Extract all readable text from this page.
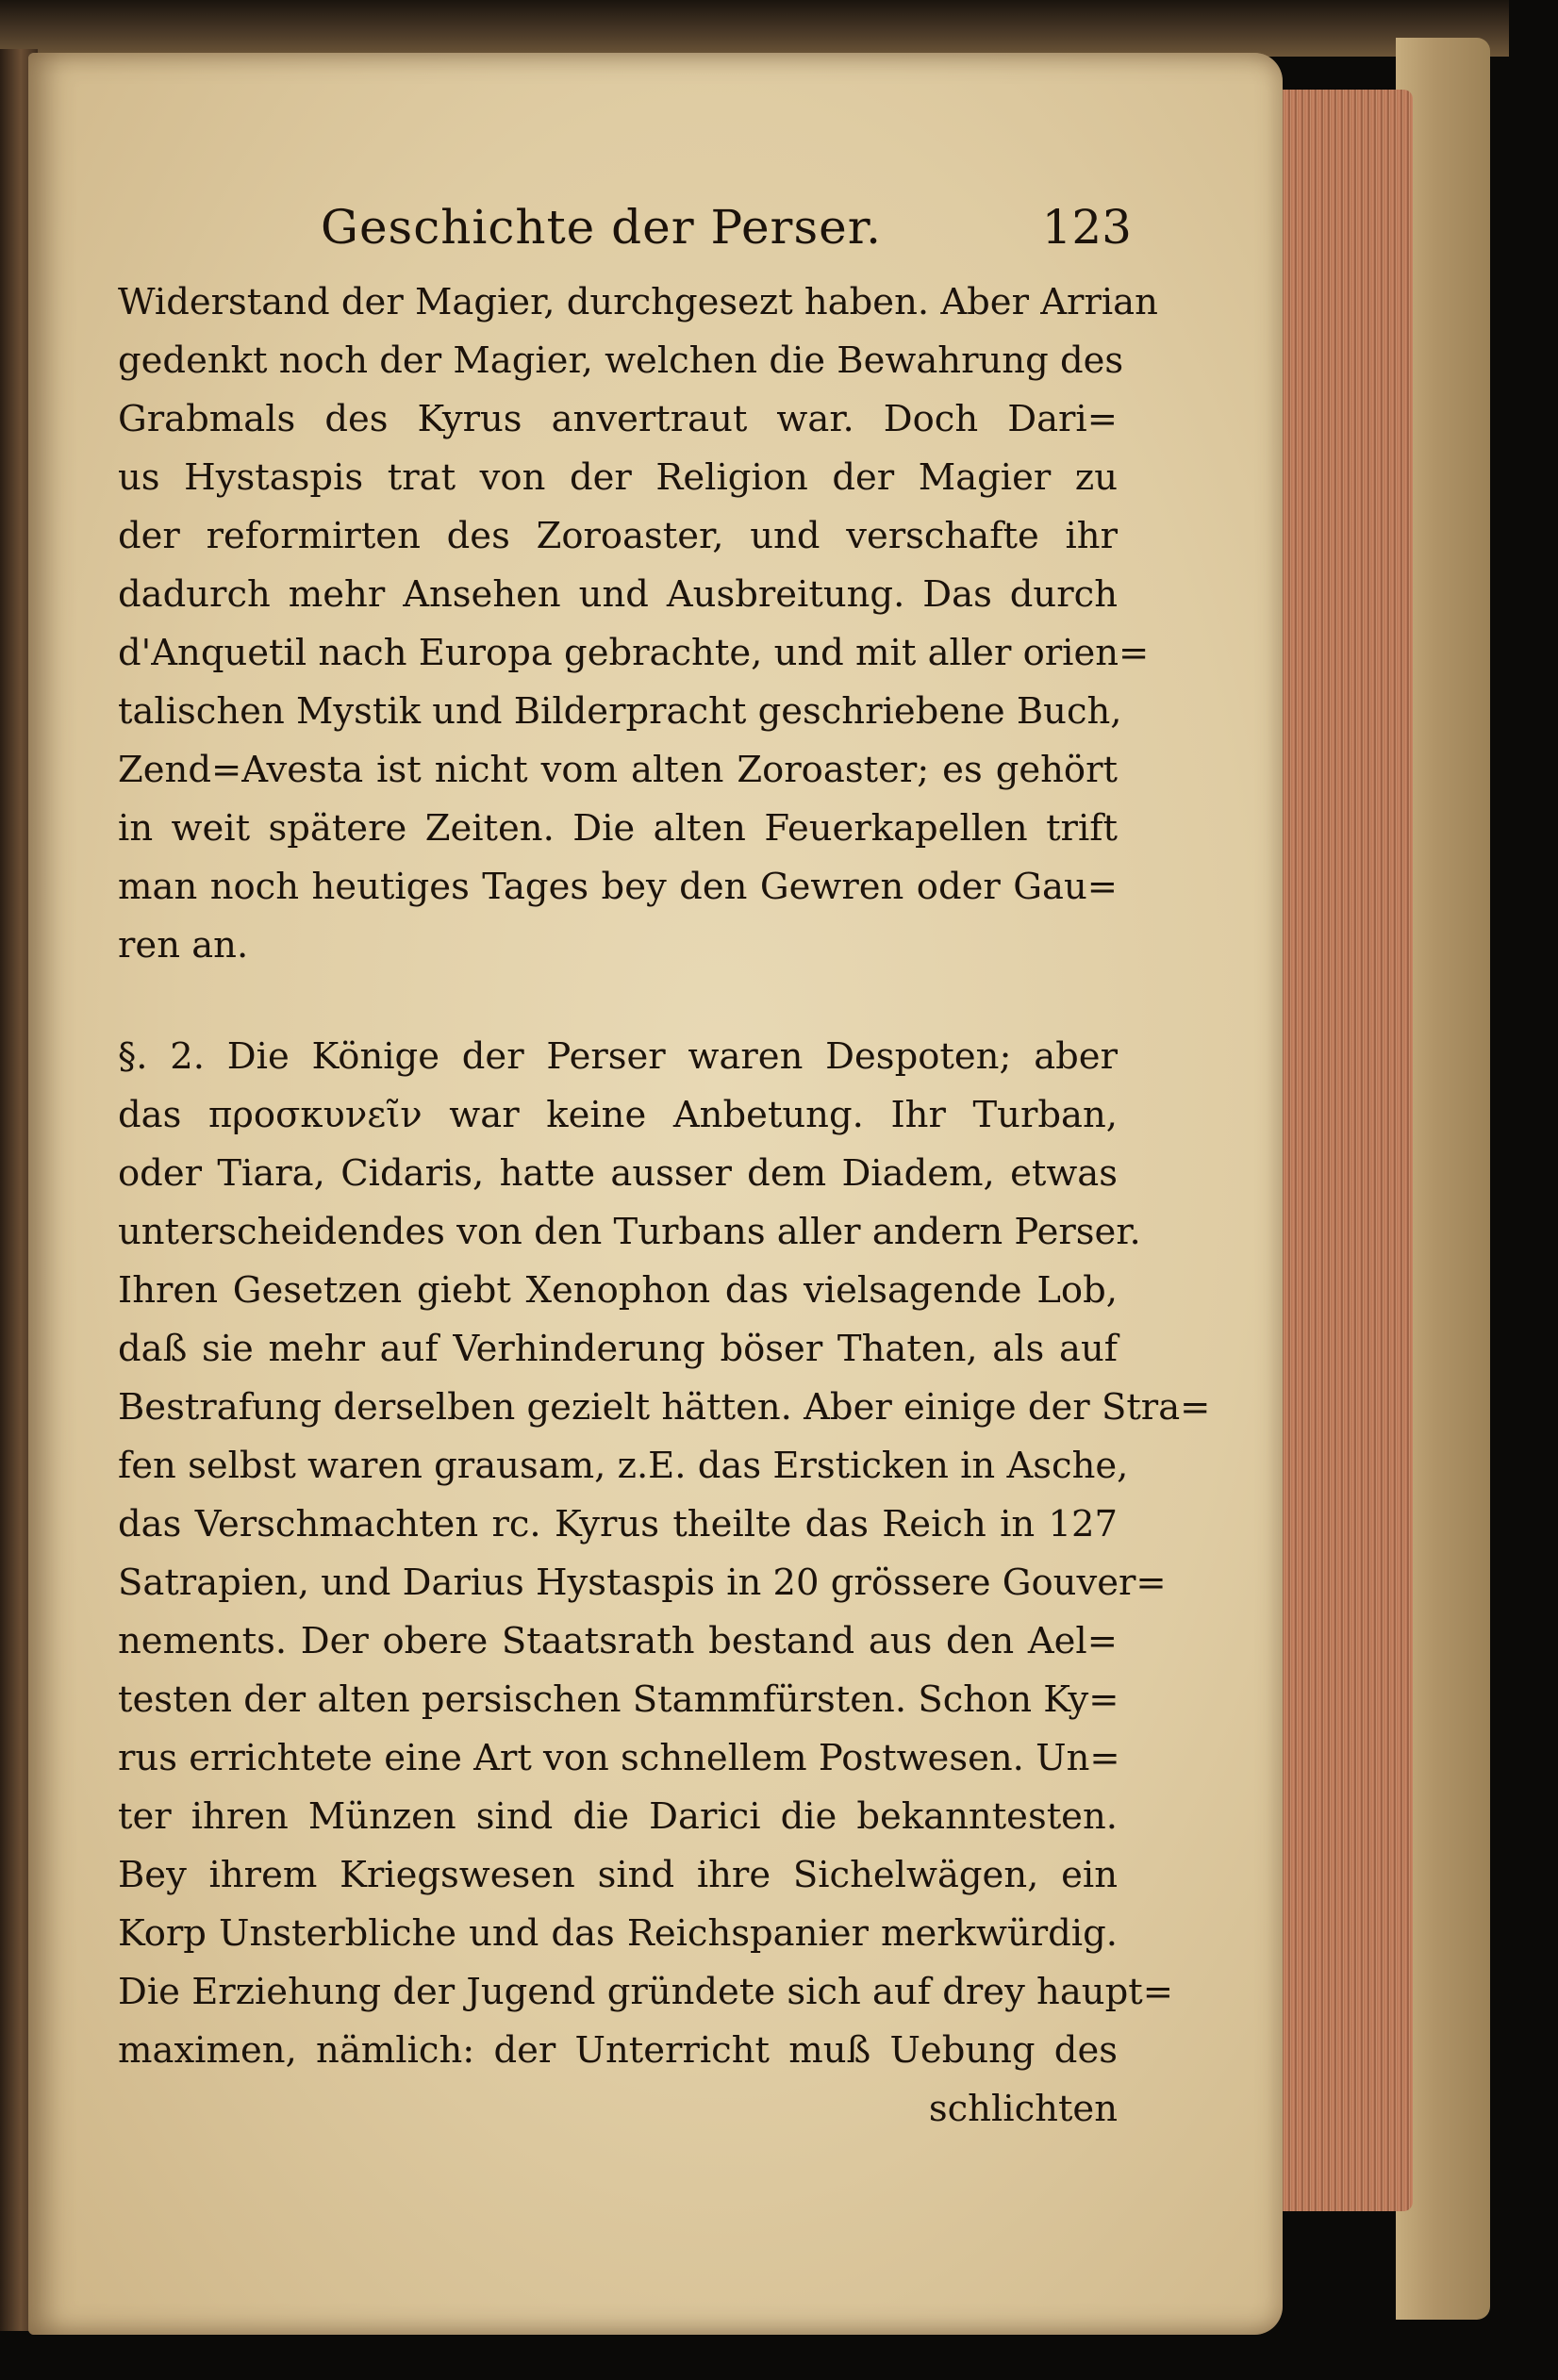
Geschichte der Perser.	123
Widerstand der Magier, durchgesezt haben. Aber Arrian
gedenkt noch der Magier, welchen die Bewahrung des
Grabmals des Kyrus anvertraut war. Doch Dari=
us Hystaspis trat von der Religion der Magier zu
der reformirten des Zoroaster, und verschafte ihr
dadurch mehr Ansehen und Ausbreitung. Das durch
d'Anquetil nach Europa gebrachte, und mit aller orien=
talischen Mystik und Bilderpracht geschriebene Buch,
Zend=Avesta ist nicht vom alten Zoroaster; es gehört
in weit spätere Zeiten. Die alten Feuerkapellen trift
man noch heutiges Tages bey den Gewren oder Gau=
ren an.
§. 2. Die Könige der Perser waren Despoten; aber
das προσκυνεῖν war keine Anbetung. Ihr Turban,
oder Tiara, Cidaris, hatte ausser dem Diadem, etwas
unterscheidendes von den Turbans aller andern Perser.
Ihren Gesetzen giebt Xenophon das vielsagende Lob,
daß sie mehr auf Verhinderung böser Thaten, als auf
Bestrafung derselben gezielt hätten. Aber einige der Stra=
fen selbst waren grausam, z.E. das Ersticken in Asche,
das Verschmachten rc. Kyrus theilte das Reich in 127
Satrapien, und Darius Hystaspis in 20 grössere Gouver=
nements. Der obere Staatsrath bestand aus den Ael=
testen der alten persischen Stammfürsten. Schon Ky=
rus errichtete eine Art von schnellem Postwesen. Un=
ter ihren Münzen sind die Darici die bekanntesten.
Bey ihrem Kriegswesen sind ihre Sichelwägen, ein
Korp Unsterbliche und das Reichspanier merkwürdig.
Die Erziehung der Jugend gründete sich auf drey haupt=
maximen, nämlich: der Unterricht muß Uebung des
schlichten
